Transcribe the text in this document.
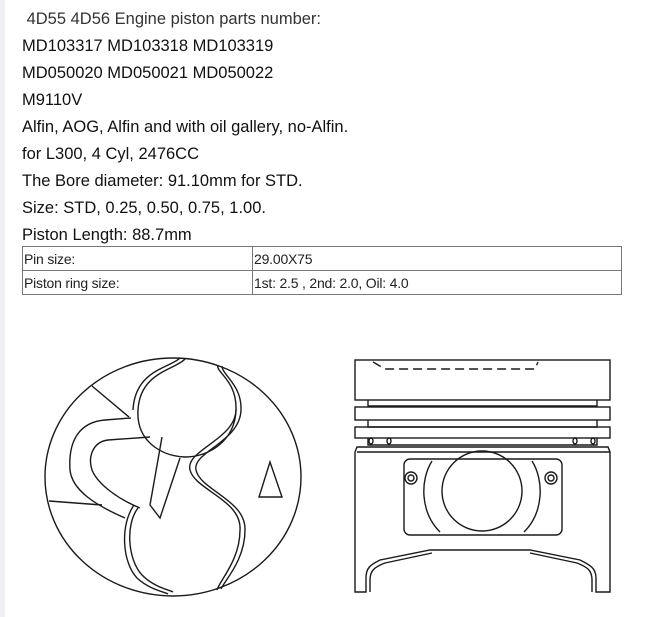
4D55 4D56 Engine piston parts number:
MD103317 MD103318 MD103319
MD050020 MD050021 MD050022
M9110V
Alfin, AOG, Alfin and with oil gallery, no-Alfin.
for L300, 4 Cyl, 2476CC
The Bore diameter: 91.10mm for STD.
Size: STD, 0.25, 0.50, 0.75, 1.00.
Piston Length: 88.7mm
Pin size:	29.00X75
Piston ring size:	1st: 2.5 , 2nd: 2.0, Oil: 4.0
